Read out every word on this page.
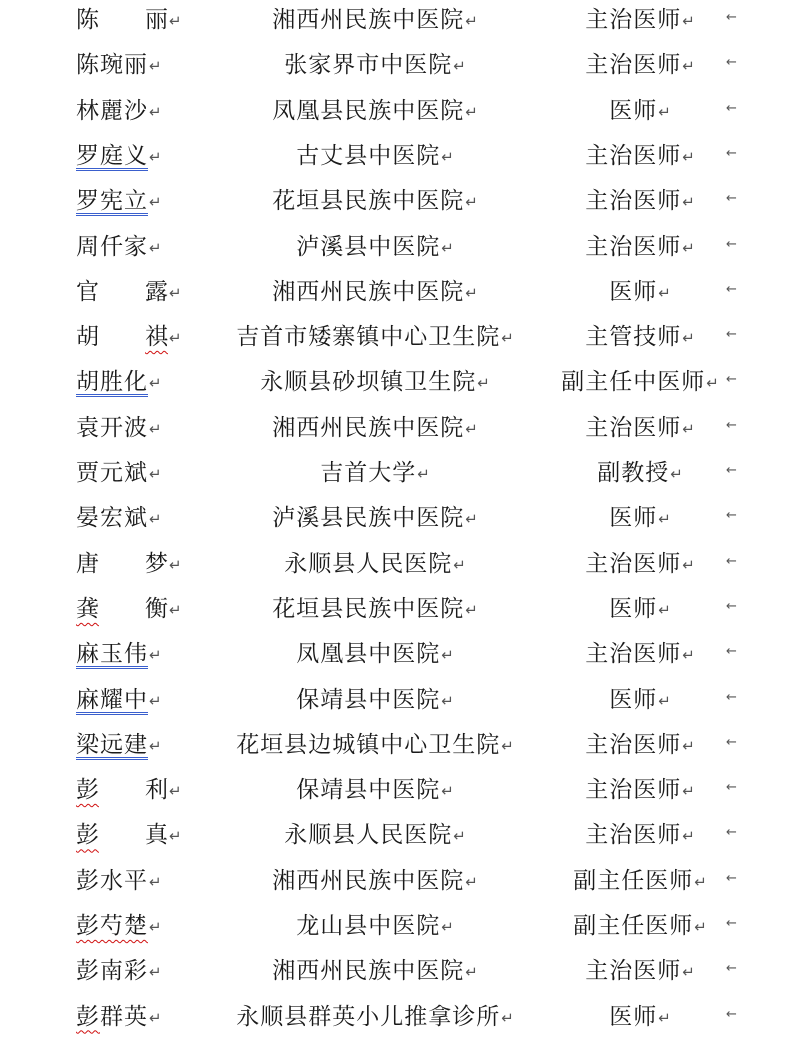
陈 丽↵	湘西州民族中医院↵	主治医师↵	←
陈琬丽↵	张家界市中医院↵	主治医师↵	←
林麗沙↵	凤凰县民族中医院↵	医师↵	←
罗庭义↵	古丈县中医院↵	主治医师↵	←
罗宪立↵	花垣县民族中医院↵	主治医师↵	←
周仟家↵	泸溪县中医院↵	主治医师↵	←
官 露↵	湘西州民族中医院↵	医师↵	←
胡 祺↵	吉首市矮寨镇中心卫生院↵	主管技师↵	←
胡胜化↵	永顺县砂坝镇卫生院↵	副主任中医师↵ ←
袁开波↵	湘西州民族中医院↵	主治医师↵	←
贾元斌↵	吉首大学↵	副教授↵	←
晏宏斌↵	泸溪县民族中医院↵	医师↵	←
唐 梦↵	永顺县人民医院↵	主治医师↵	←
龚 衡↵	花垣县民族中医院↵	医师↵	←
麻玉伟↵	凤凰县中医院↵	主治医师↵	←
麻耀中↵	保靖县中医院↵	医师↵	←
梁远建↵	花垣县边城镇中心卫生院↵	主治医师↵	←
彭 利↵	保靖县中医院↵	主治医师↵	←
彭 真↵	永顺县人民医院↵	主治医师↵	←
彭水平↵	湘西州民族中医院↵	副主任医师↵	←
彭芍楚↵	龙山县中医院↵	副主任医师↵	←
彭南彩↵	湘西州民族中医院↵	主治医师↵	←
彭群英↵	永顺县群英小儿推拿诊所↵	医师↵	←
